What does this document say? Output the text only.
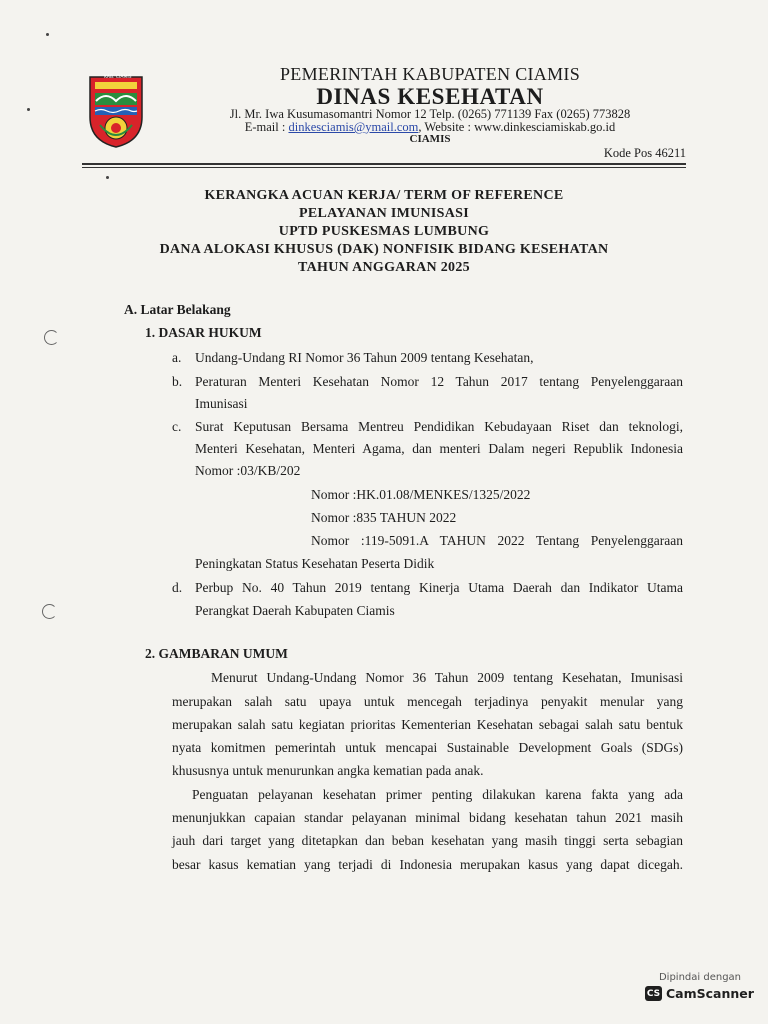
KAB. CIAMIS	PEMERINTAH KABUPATEN CIAMIS
DINAS KESEHATAN
Jl. Mr. Iwa Kusumasomantri Nomor 12 Telp. (0265) 771139 Fax (0265) 773828
E-mail : dinkesciamis@ymail.com, Website : www.dinkesciamiskab.go.id
CIAMIS
Kode Pos 46211
KERANGKA ACUAN KERJA/ TERM OF REFERENCE
PELAYANAN IMUNISASI
UPTD PUSKESMAS LUMBUNG
DANA ALOKASI KHUSUS (DAK) NONFISIK BIDANG KESEHATAN
TAHUN ANGGARAN 2025
A. Latar Belakang
1. DASAR HUKUM
a. Undang-Undang RI Nomor 36 Tahun 2009 tentang Kesehatan,
b. Peraturan Menteri Kesehatan Nomor 12 Tahun 2017 tentang Penyelenggaraan
Imunisasi
c. Surat Keputusan Bersama Mentreu Pendidikan Kebudayaan Riset dan teknologi,
Menteri Kesehatan, Menteri Agama, dan menteri Dalam negeri Republik Indonesia
Nomor :03/KB/202
Nomor :HK.01.08/MENKES/1325/2022
Nomor :835 TAHUN 2022
Nomor :119-5091.A TAHUN 2022 Tentang Penyelenggaraan
Peningkatan Status Kesehatan Peserta Didik
d. Perbup No. 40 Tahun 2019 tentang Kinerja Utama Daerah dan Indikator Utama
Perangkat Daerah Kabupaten Ciamis
2. GAMBARAN UMUM
Menurut Undang-Undang Nomor 36 Tahun 2009 tentang Kesehatan, Imunisasi
merupakan salah satu upaya untuk mencegah terjadinya penyakit menular yang
merupakan salah satu kegiatan prioritas Kementerian Kesehatan sebagai salah satu bentuk
nyata komitmen pemerintah untuk mencapai Sustainable Development Goals (SDGs)
khususnya untuk menurunkan angka kematian pada anak.
Penguatan pelayanan kesehatan primer penting dilakukan karena fakta yang ada
menunjukkan capaian standar pelayanan minimal bidang kesehatan tahun 2021 masih
jauh dari target yang ditetapkan dan beban kesehatan yang masih tinggi serta sebagian
besar kasus kematian yang terjadi di Indonesia merupakan kasus yang dapat dicegah.
Dipindai dengan
CS CamScanner
